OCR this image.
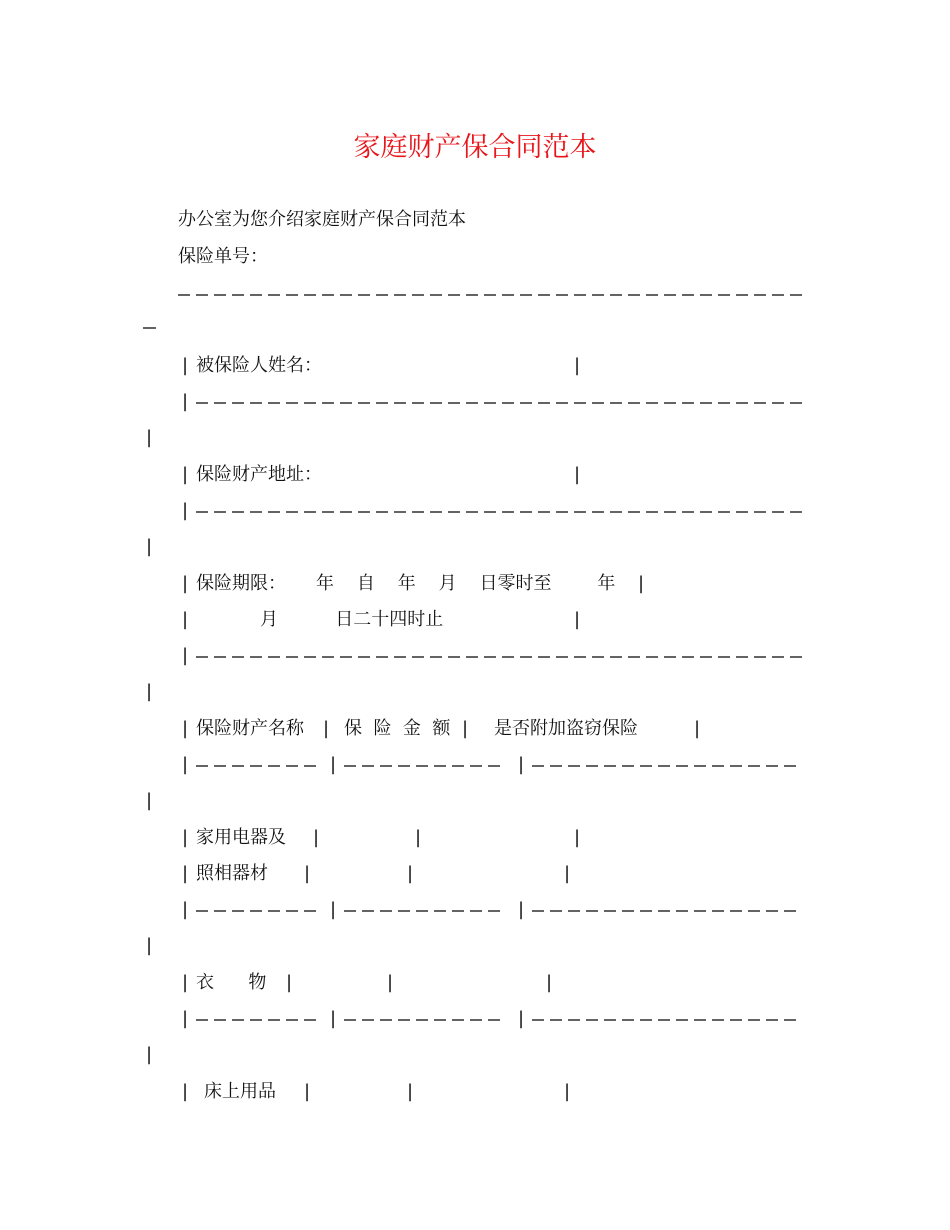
家庭财产保合同范本
办公室为您介绍家庭财产保合同范本
保险单号：
| 被保险人姓名：	|
|
|
| 保险财产地址：	|
|
|
| 保险期限： 年    自    年    月    日零时至        年 |
|	月          日二十四时止	|
|
|
| 保险财产名称 | 保  险  金  额 | 是否附加盗窃保险	|
|	|	|
|
| 家用电器及 |	|	|
| 照相器材 |	|	|
|	|	|
|
| 衣      物 |	|	|
|	|	|
|
| 床上用品 |	|	|
